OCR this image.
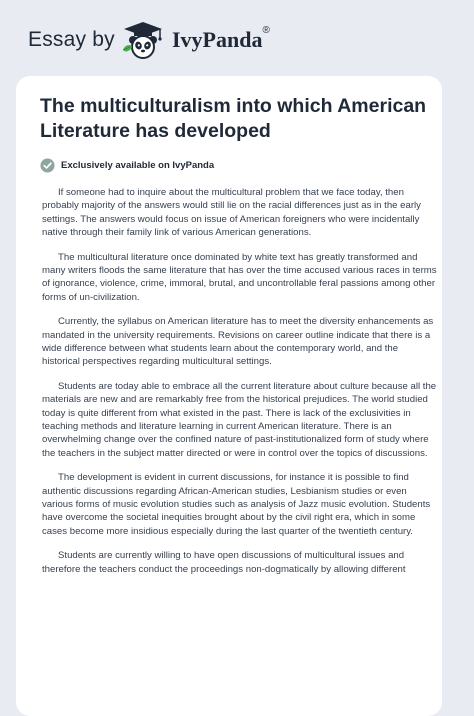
Essay by	IvyPanda®
The multiculturalism into which American Literature has developed
Exclusively available on IvyPanda

If someone had to inquire about the multicultural problem that we face today, then probably majority of the answers would still lie on the racial differences just as in the early settings. The answers would focus on issue of American foreigners who were incidentally native through their family link of various American generations.

The multicultural literature once dominated by white text has greatly transformed and many writers floods the same literature that has over the time accused various races in terms of ignorance, violence, crime, immoral, brutal, and uncontrollable feral passions among other forms of un-civilization.

Currently, the syllabus on American literature has to meet the diversity enhancements as mandated in the university requirements. Revisions on career outline indicate that there is a wide difference between what students learn about the contemporary world, and the historical perspectives regarding multicultural settings.

Students are today able to embrace all the current literature about culture because all the materials are new and are remarkably free from the historical prejudices. The world studied today is quite different from what existed in the past. There is lack of the exclusivities in teaching methods and literature learning in current American literature. There is an overwhelming change over the confined nature of past-institutionalized form of study where the teachers in the subject matter directed or were in control over the topics of discussions.

The development is evident in current discussions, for instance it is possible to find authentic discussions regarding African-American studies, Lesbianism studies or even various forms of music evolution studies such as analysis of Jazz music evolution. Students have overcome the societal inequities brought about by the civil right era, which in some cases become more insidious especially during the last quarter of the twentieth century.

Students are currently willing to have open discussions of multicultural issues and therefore the teachers conduct the proceedings non-dogmatically by allowing different
